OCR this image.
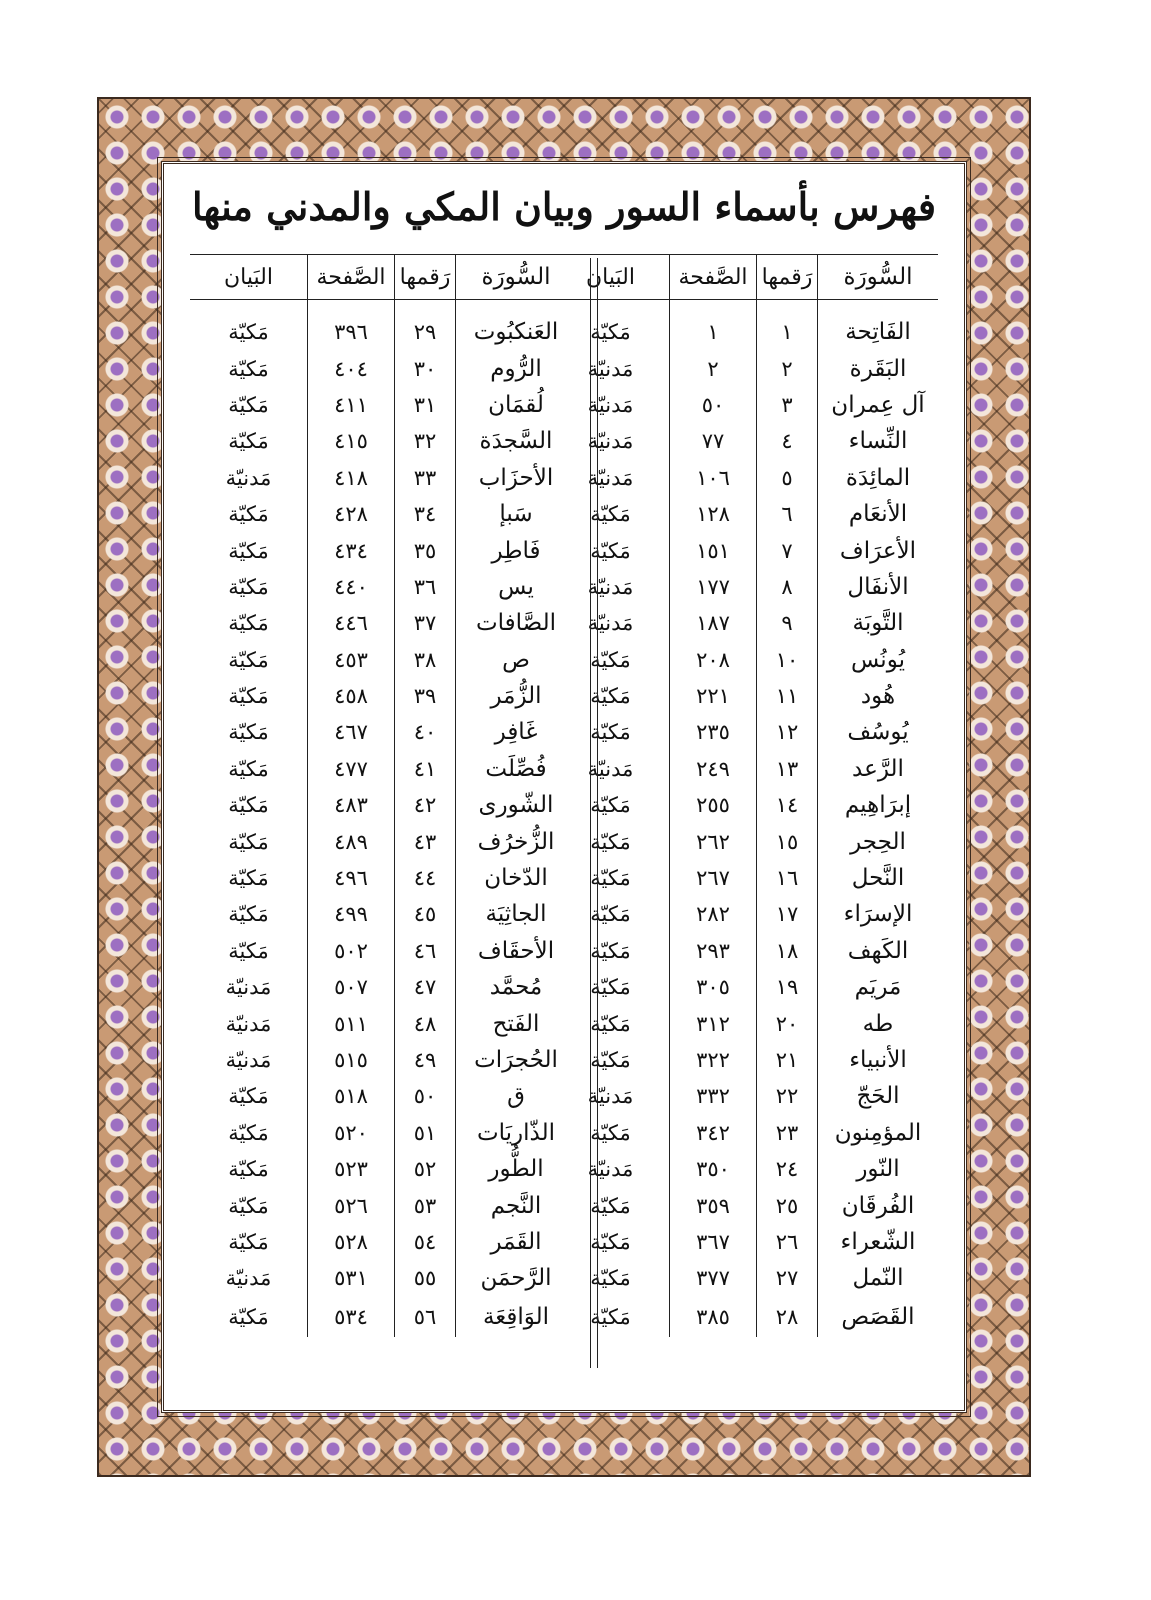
فهرس بأسماء السور وبيان المكي والمدني منها
السُّورَة	رَقمها	الصَّفحة	البَيان

الفَاتِحة	١	١	مَكيّة
البَقَرة	٢	٢	مَدنيّة
آل عِمران	٣	٥٠	مَدنيّة
النِّساء	٤	٧٧	مَدنيّة
المائِدَة	٥	١٠٦	مَدنيّة
الأنعَام	٦	١٢٨	مَكيّة
الأعرَاف	٧	١٥١	مَكيّة
الأنفَال	٨	١٧٧	مَدنيّة
التَّوبَة	٩	١٨٧	مَدنيّة
يُونُس	١٠	٢٠٨	مَكيّة
هُود	١١	٢٢١	مَكيّة
يُوسُف	١٢	٢٣٥	مَكيّة
الرَّعد	١٣	٢٤٩	مَدنيّة
إبرَاهِيم	١٤	٢٥٥	مَكيّة
الحِجر	١٥	٢٦٢	مَكيّة
النَّحل	١٦	٢٦٧	مَكيّة
الإسرَاء	١٧	٢٨٢	مَكيّة
الكَهف	١٨	٢٩٣	مَكيّة
مَريَم	١٩	٣٠٥	مَكيّة
طه	٢٠	٣١٢	مَكيّة
الأنبياء	٢١	٣٢٢	مَكيّة
الحَجّ	٢٢	٣٣٢	مَدنيّة
المؤمِنون	٢٣	٣٤٢	مَكيّة
النّور	٢٤	٣٥٠	مَدنيّة
الفُرقَان	٢٥	٣٥٩	مَكيّة
الشّعراء	٢٦	٣٦٧	مَكيّة
النّمل	٢٧	٣٧٧	مَكيّة
القَصَص	٢٨	٣٨٥	مَكيّة
السُّورَة	رَقمها	الصَّفحة	البَيان

العَنكبُوت	٢٩	٣٩٦	مَكيّة
الرُّوم	٣٠	٤٠٤	مَكيّة
لُقمَان	٣١	٤١١	مَكيّة
السَّجدَة	٣٢	٤١٥	مَكيّة
الأحزَاب	٣٣	٤١٨	مَدنيّة
سَبإ	٣٤	٤٢٨	مَكيّة
فَاطِر	٣٥	٤٣٤	مَكيّة
يس	٣٦	٤٤٠	مَكيّة
الصَّافات	٣٧	٤٤٦	مَكيّة
ص	٣٨	٤٥٣	مَكيّة
الزُّمَر	٣٩	٤٥٨	مَكيّة
غَافِر	٤٠	٤٦٧	مَكيّة
فُصِّلَت	٤١	٤٧٧	مَكيّة
الشّورى	٤٢	٤٨٣	مَكيّة
الزُّخرُف	٤٣	٤٨٩	مَكيّة
الدّخان	٤٤	٤٩٦	مَكيّة
الجاثِيَة	٤٥	٤٩٩	مَكيّة
الأحقَاف	٤٦	٥٠٢	مَكيّة
مُحمَّد	٤٧	٥٠٧	مَدنيّة
الفَتح	٤٨	٥١١	مَدنيّة
الحُجرَات	٤٩	٥١٥	مَدنيّة
ق	٥٠	٥١٨	مَكيّة
الذّاريَات	٥١	٥٢٠	مَكيّة
الطُّور	٥٢	٥٢٣	مَكيّة
النَّجم	٥٣	٥٢٦	مَكيّة
القَمَر	٥٤	٥٢٨	مَكيّة
الرَّحمَن	٥٥	٥٣١	مَدنيّة
الوَاقِعَة	٥٦	٥٣٤	مَكيّة
